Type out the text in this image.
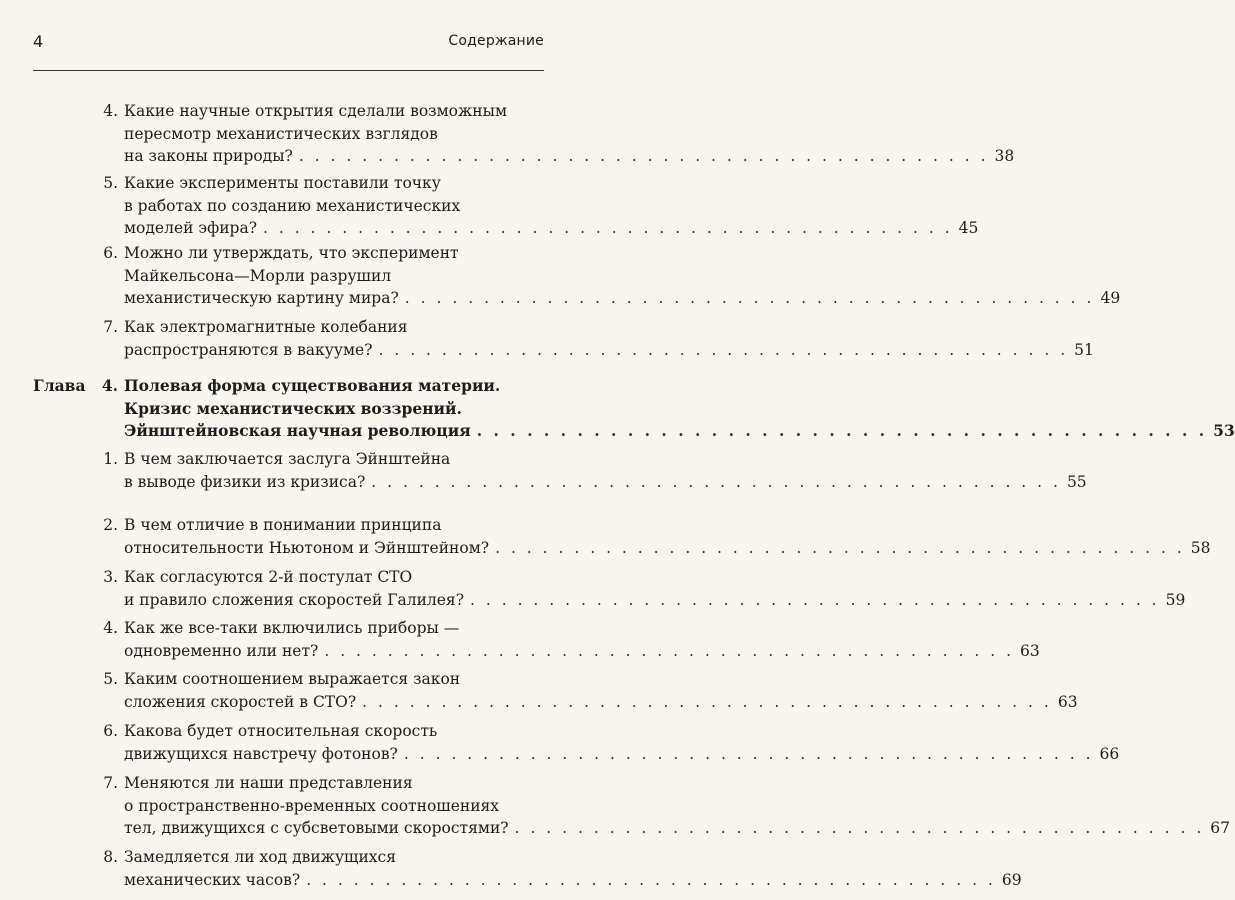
4	Содержание
4. Какие научные открытия сделали возможным
пересмотр механистических взглядов
на законы природы? . . . . . . . . . . . . . . . . . . . . . . . . . . . . . . . . . . . . . . . . . . . . 38
5. Какие эксперименты поставили точку
в работах по созданию механистических
моделей эфира? . . . . . . . . . . . . . . . . . . . . . . . . . . . . . . . . . . . . . . . . . . . . 45
6. Можно ли утверждать, что эксперимент
Майкельсона—Морли разрушил
механистическую картину мира? . . . . . . . . . . . . . . . . . . . . . . . . . . . . . . . . . . . . . . . . . . . . 49
7. Как электромагнитные колебания
распространяются в вакууме? . . . . . . . . . . . . . . . . . . . . . . . . . . . . . . . . . . . . . . . . . . . . 51
Глава	4. Полевая форма существования материи.
Кризис механистических воззрений.
Эйнштейновская научная революция . . . . . . . . . . . . . . . . . . . . . . . . . . . . . . . . . . . . . . . . . . . . 53
1. В чем заключается заслуга Эйнштейна
в выводе физики из кризиса? . . . . . . . . . . . . . . . . . . . . . . . . . . . . . . . . . . . . . . . . . . . . 55
2. В чем отличие в понимании принципа
относительности Ньютоном и Эйнштейном? . . . . . . . . . . . . . . . . . . . . . . . . . . . . . . . . . . . . . . . . . . . . 58
3. Как согласуются 2-й постулат СТО
и правило сложения скоростей Галилея? . . . . . . . . . . . . . . . . . . . . . . . . . . . . . . . . . . . . . . . . . . . . 59
4. Как же все-таки включились приборы —
одновременно или нет? . . . . . . . . . . . . . . . . . . . . . . . . . . . . . . . . . . . . . . . . . . . . 63
5. Каким соотношением выражается закон
сложения скоростей в СТО? . . . . . . . . . . . . . . . . . . . . . . . . . . . . . . . . . . . . . . . . . . . . 63
6. Какова будет относительная скорость
движущихся навстречу фотонов? . . . . . . . . . . . . . . . . . . . . . . . . . . . . . . . . . . . . . . . . . . . . 66
7. Меняются ли наши представления
о пространственно-временных соотношениях
тел, движущихся с субсветовыми скоростями? . . . . . . . . . . . . . . . . . . . . . . . . . . . . . . . . . . . . . . . . . . . . 67
8. Замедляется ли ход движущихся
механических часов? . . . . . . . . . . . . . . . . . . . . . . . . . . . . . . . . . . . . . . . . . . . . 69
